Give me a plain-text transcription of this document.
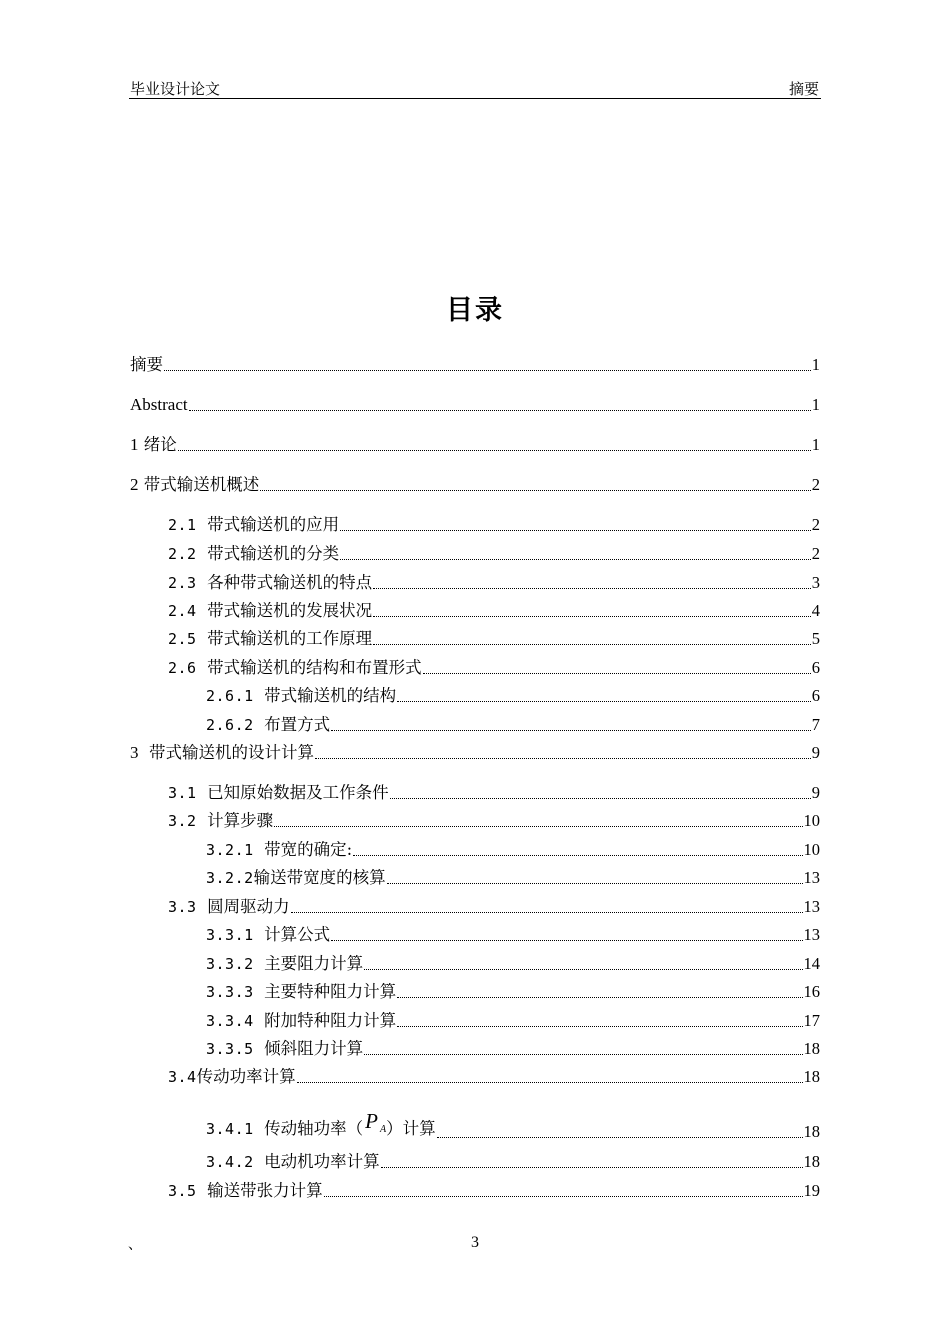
毕业设计论文	摘要
目录
摘要	1
Abstract	1
1 绪论	1
2 带式输送机概述	2
2.1 带式输送机的应用	2
2.2 带式输送机的分类	2
2.3 各种带式输送机的特点	3
2.4 带式输送机的发展状况	4
2.5 带式输送机的工作原理	5
2.6 带式输送机的结构和布置形式	6
2.6.1 带式输送机的结构	6
2.6.2 布置方式	7
3 带式输送机的设计计算	9
3.1 已知原始数据及工作条件	9
3.2 计算步骤	10
3.2.1 带宽的确定:	10
3.2.2输送带宽度的核算	13
3.3 圆周驱动力	13
3.3.1 计算公式	13
3.3.2 主要阻力计算	14
3.3.3 主要特种阻力计算	16
3.3.4 附加特种阻力计算	17
3.3.5 倾斜阻力计算	18
3.4传动功率计算	18
3.4.1 传动轴功率（P A）计算	18
3.4.2 电动机功率计算	18
3.5 输送带张力计算	19
、	3
